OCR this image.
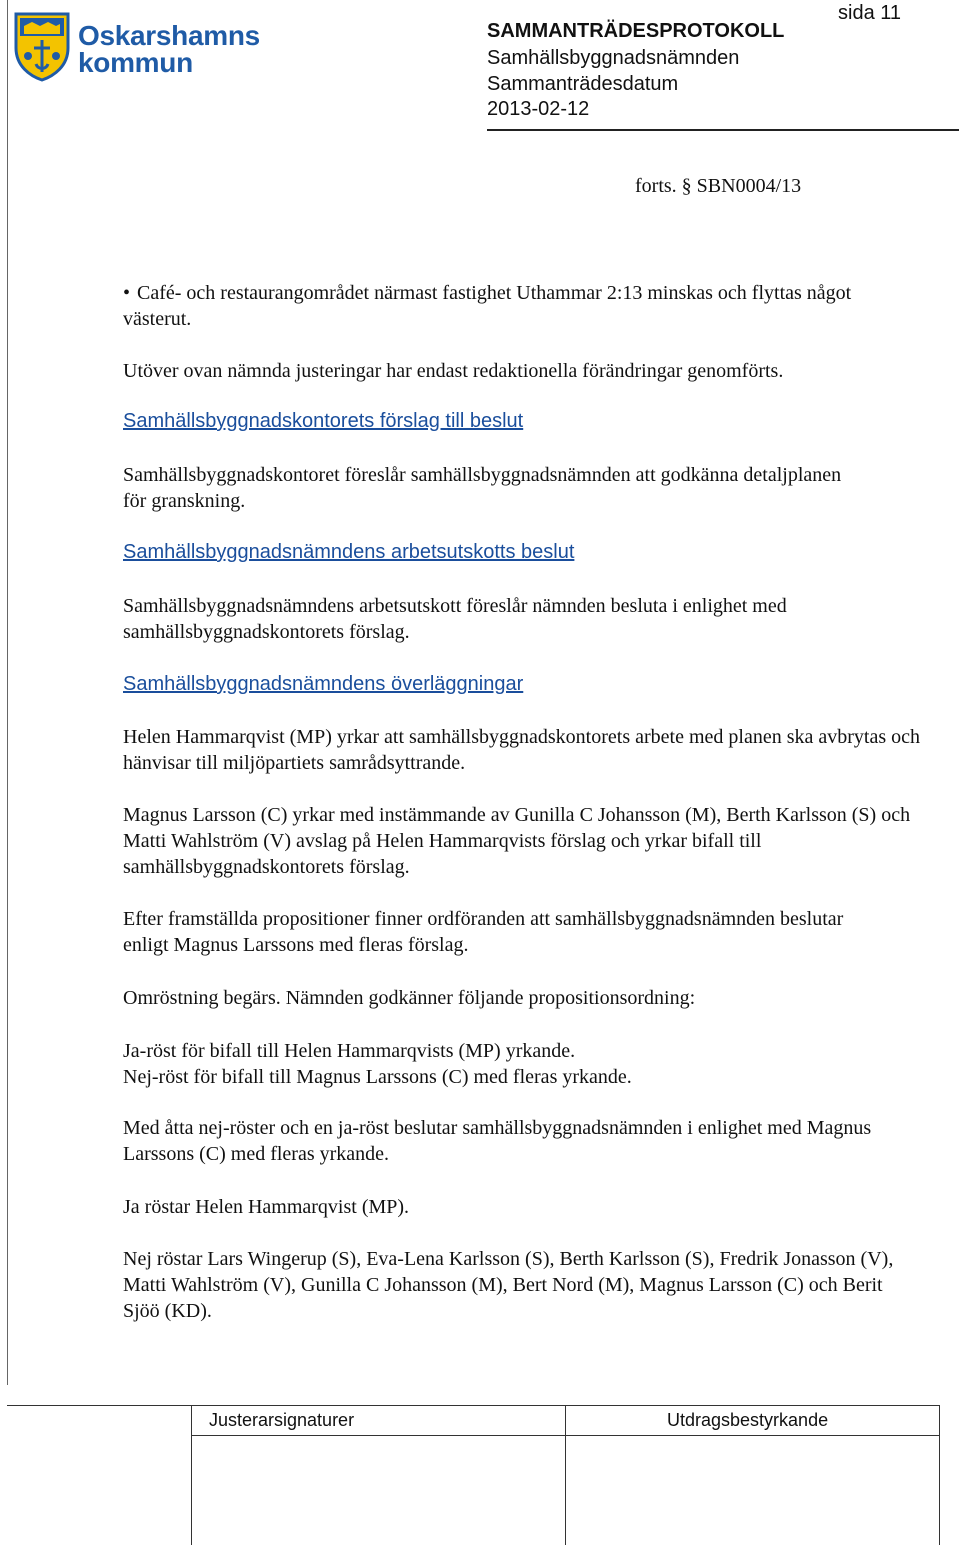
Oskarshamns
kommun
SAMMANTRÄDESPROTOKOLL
Samhällsbyggnadsnämnden
Sammanträdesdatum
2013-02-12
sida 11
forts. § SBN0004/13
• Café- och restaurangområdet närmast fastighet Uthammar 2:13 minskas och flyttas något västerut.

Utöver ovan nämnda justeringar har endast redaktionella förändringar genomförts.

Samhällsbyggnadskontorets förslag till beslut

Samhällsbyggnadskontoret föreslår samhällsbyggnadsnämnden att godkänna detaljplanen för granskning.

Samhällsbyggnadsnämndens arbetsutskotts beslut

Samhällsbyggnadsnämndens arbetsutskott föreslår nämnden besluta i enlighet med samhällsbyggnadskontorets förslag.

Samhällsbyggnadsnämndens överläggningar

Helen Hammarqvist (MP) yrkar att samhällsbyggnadskontorets arbete med planen ska avbrytas och hänvisar till miljöpartiets samrådsyttrande.

Magnus Larsson (C) yrkar med instämmande av Gunilla C Johansson (M), Berth Karlsson (S) och Matti Wahlström (V) avslag på Helen Hammarqvists förslag och yrkar bifall till samhällsbyggnadskontorets förslag.

Efter framställda propositioner finner ordföranden att samhällsbyggnadsnämnden beslutar enligt Magnus Larssons med fleras förslag.

Omröstning begärs. Nämnden godkänner följande propositionsordning:

Ja-röst för bifall till Helen Hammarqvists (MP) yrkande.

Nej-röst för bifall till Magnus Larssons (C) med fleras yrkande.

Med åtta nej-röster och en ja-röst beslutar samhällsbyggnadsnämnden i enlighet med Magnus Larssons (C) med fleras yrkande.

Ja röstar Helen Hammarqvist (MP).

Nej röstar Lars Wingerup (S), Eva-Lena Karlsson (S), Berth Karlsson (S), Fredrik Jonasson (V), Matti Wahlström (V), Gunilla C Johansson (M), Bert Nord (M), Magnus Larsson (C) och Berit Sjöö (KD).

Justerarsignaturer	Utdragsbestyrkande
